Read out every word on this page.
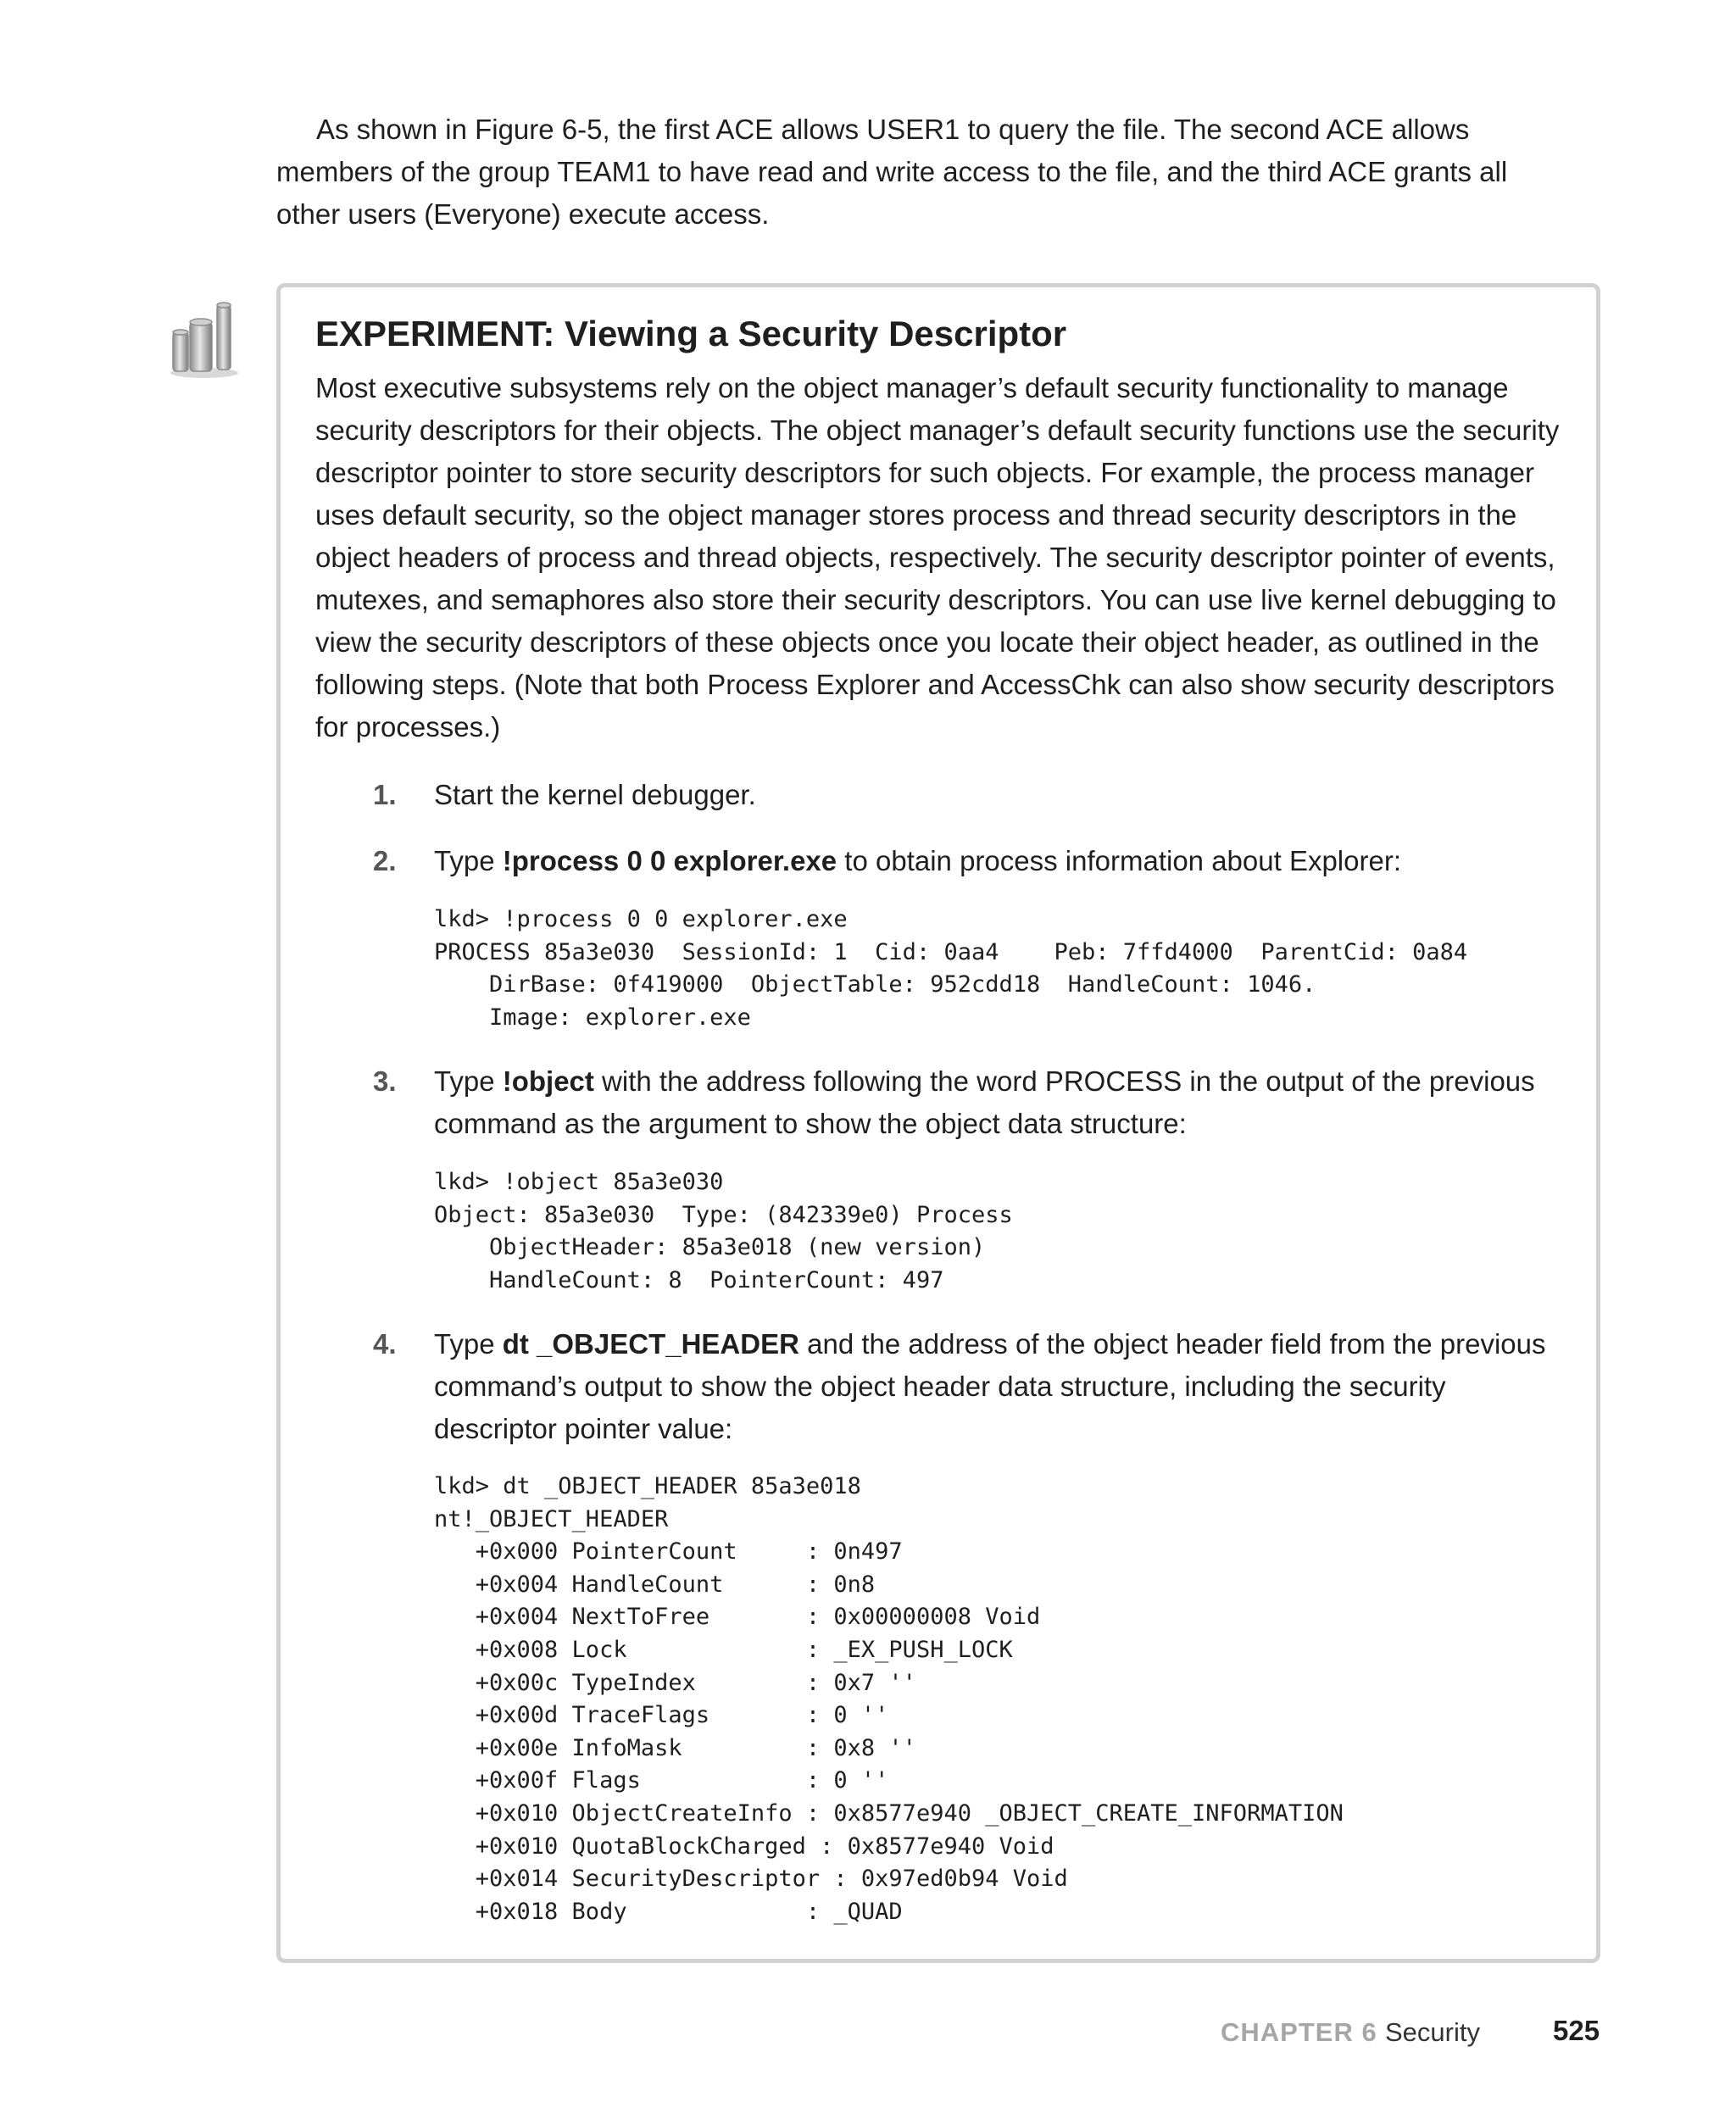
As shown in Figure 6-5, the first ACE allows USER1 to query the file. The second ACE allows members of the group TEAM1 to have read and write access to the file, and the third ACE grants all other users (Everyone) execute access.

EXPERIMENT: Viewing a Security Descriptor

Most executive subsystems rely on the object manager’s default security functionality to manage security descriptors for their objects. The object manager’s default security functions use the security descriptor pointer to store security descriptors for such objects. For example, the process manager uses default security, so the object manager stores process and thread security descriptors in the object headers of process and thread objects, respectively. The security descriptor pointer of events, mutexes, and semaphores also store their security descriptors. You can use live kernel debugging to view the security descriptors of these objects once you locate their object header, as outlined in the following steps. (Note that both Process Explorer and AccessChk can also show security descriptors for processes.)

1. Start the kernel debugger.
2. Type !process 0 0 explorer.exe to obtain process information about Explorer:
lkd> !process 0 0 explorer.exe
PROCESS 85a3e030  SessionId: 1  Cid: 0aa4    Peb: 7ffd4000  ParentCid: 0a84
DirBase: 0f419000  ObjectTable: 952cdd18  HandleCount: 1046.
Image: explorer.exe
3. Type !object with the address following the word PROCESS in the output of the previous command as the argument to show the object data structure:
lkd> !object 85a3e030
Object: 85a3e030  Type: (842339e0) Process
ObjectHeader: 85a3e018 (new version)
HandleCount: 8  PointerCount: 497
4. Type dt _OBJECT_HEADER and the address of the object header field from the previous command’s output to show the object header data structure, including the security descriptor pointer value:
lkd> dt _OBJECT_HEADER 85a3e018
nt!_OBJECT_HEADER
+0x000 PointerCount     : 0n497
+0x004 HandleCount      : 0n8
+0x004 NextToFree       : 0x00000008 Void
+0x008 Lock             : _EX_PUSH_LOCK
+0x00c TypeIndex        : 0x7 ''
+0x00d TraceFlags       : 0 ''
+0x00e InfoMask         : 0x8 ''
+0x00f Flags            : 0 ''
+0x010 ObjectCreateInfo : 0x8577e940 _OBJECT_CREATE_INFORMATION
+0x010 QuotaBlockCharged : 0x8577e940 Void
+0x014 SecurityDescriptor : 0x97ed0b94 Void
+0x018 Body             : _QUAD
CHAPTER 6 Security	525
